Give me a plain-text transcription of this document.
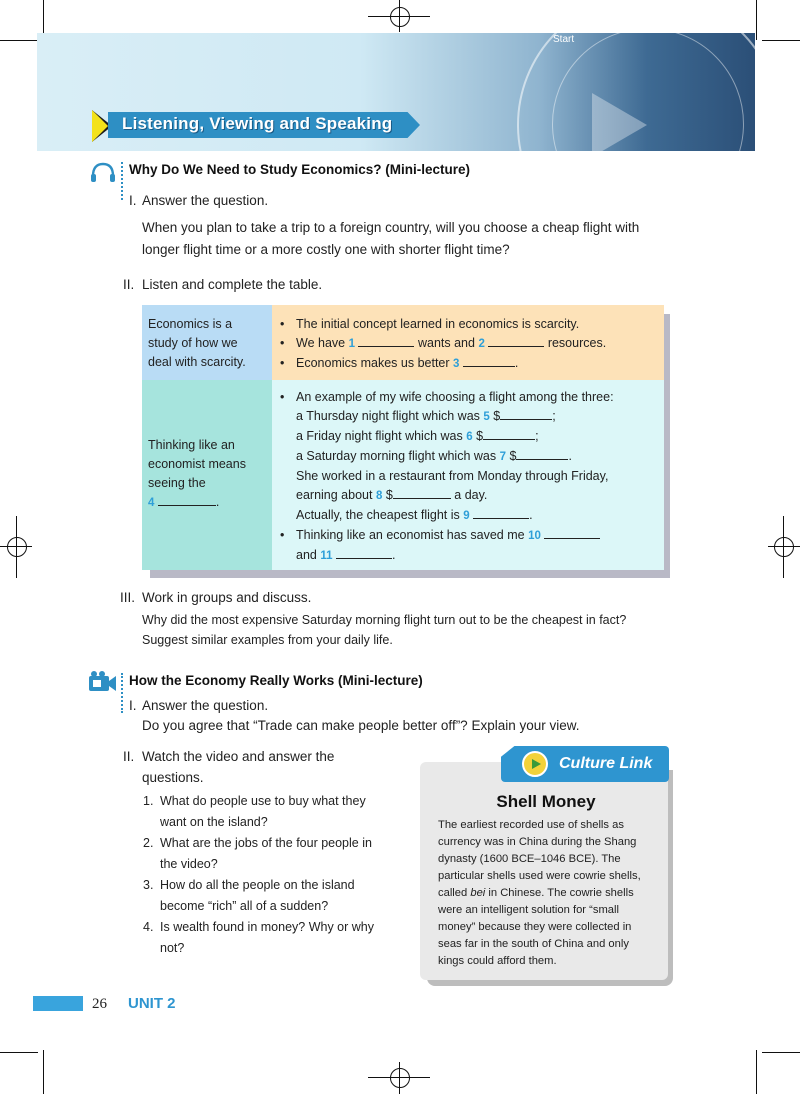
Start
Listening, Viewing and Speaking
Why Do We Need to Study Economics? (Mini-lecture)
I. Answer the question.
When you plan to take a trip to a foreign country, will you choose a cheap flight with
longer flight time or a more costly one with shorter flight time?
II. Listen and complete the table.
Economics is a
study of how we
deal with scarcity.
• The initial concept learned in economics is scarcity.
• We have 1	wants and 2	resources.
• Economics makes us better 3	.
Thinking like an
economist means
seeing the
4	.
• An example of my wife choosing a flight among the three:
a Thursday night flight which was 5 $	;
a Friday night flight which was 6 $	;
a Saturday morning flight which was 7 $	.
She worked in a restaurant from Monday through Friday,
earning about 8 $	a day.
Actually, the cheapest flight is 9	.
• Thinking like an economist has saved me 10
and 11	.
III. Work in groups and discuss.
Why did the most expensive Saturday morning flight turn out to be the cheapest in fact?
Suggest similar examples from your daily life.
How the Economy Really Works (Mini-lecture)
I. Answer the question.
Do you agree that “Trade can make people better off”? Explain your view.
II. Watch the video and answer the
questions.
1. What do people use to buy what they
want on the island?
2. What are the jobs of the four people in
the video?
3. How do all the people on the island
become “rich” all of a sudden?
4. Is wealth found in money? Why or why
not?
Culture Link
Shell Money
The earliest recorded use of shells as
currency was in China during the Shang
dynasty (1600 BCE–1046 BCE). The
particular shells used were cowrie shells,
called bei in Chinese. The cowrie shells
were an intelligent solution for “small
money” because they were collected in
seas far in the south of China and only
kings could afford them.
26 UNIT 2
